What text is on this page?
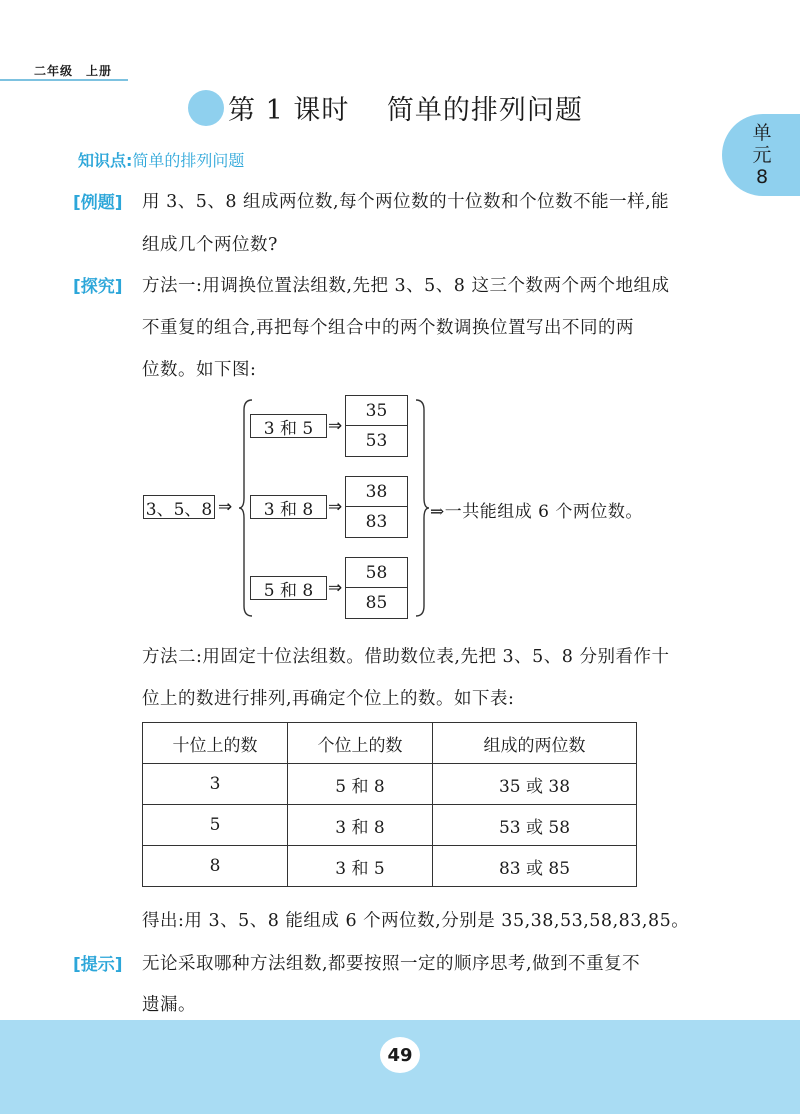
二年级　上册
第 1 课时　 简单的排列问题
单
元
8
知识点:简单的排列问题
[例题] 用 3、5、8 组成两位数,每个两位数的十位数和个位数不能一样,能
组成几个两位数?
[探究] 方法一:用调换位置法组数,先把 3、5、8 这三个数两个两个地组成
不重复的组合,再把每个组合中的两个数调换位置写出不同的两
位数。如下图:
3、5、8 ⇒
3 和 5 ⇒
35
53
3 和 8 ⇒
38
83
5 和 8 ⇒
58
85
⇒一共能组成 6 个两位数。
方法二:用固定十位法组数。借助数位表,先把 3、5、8 分别看作十
位上的数进行排列,再确定个位上的数。如下表:
十位上的数	个位上的数	组成的两位数
3	5 和 8	35 或 38
5	3 和 8	53 或 58
8	3 和 5	83 或 85
得出:用 3、5、8 能组成 6 个两位数,分别是 35,38,53,58,83,85。
[提示] 无论采取哪种方法组数,都要按照一定的顺序思考,做到不重复不
遗漏。
49
